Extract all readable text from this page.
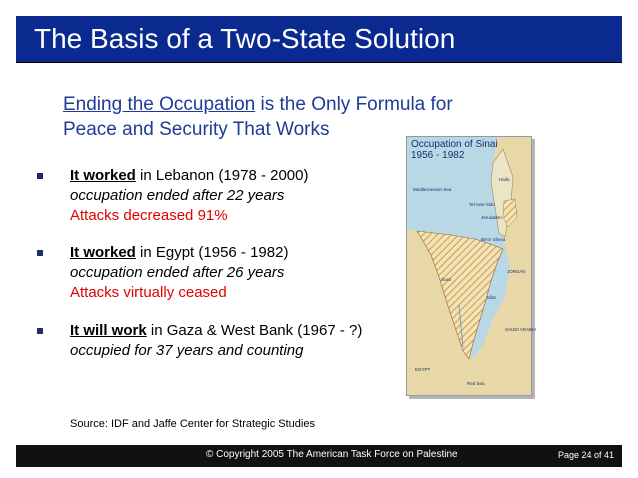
The Basis of a Two-State Solution
Ending the Occupation is the Only Formula for
Peace and Security That Works
It worked in Lebanon (1978 - 2000)
occupation ended after 22 years
Attacks decreased 91%
It worked in Egypt (1956 - 1982)
occupation ended after 26 years
Attacks virtually ceased
It will work in Gaza & West Bank (1967 - ?)
occupied for 37 years and counting
Occupation of Sinai
1956 - 1982
Mediterranean Sea
Haifa
Tel Aviv-Yafo
Jerusalem
Be'er Sheva
JORDAN
Suez
Eilat
SAUDI ARABIA
EGYPT
Red Sea
Source: IDF and Jaffe Center for Strategic Studies
© Copyright 2005 The American Task Force on Palestine	Page 24 of 41
